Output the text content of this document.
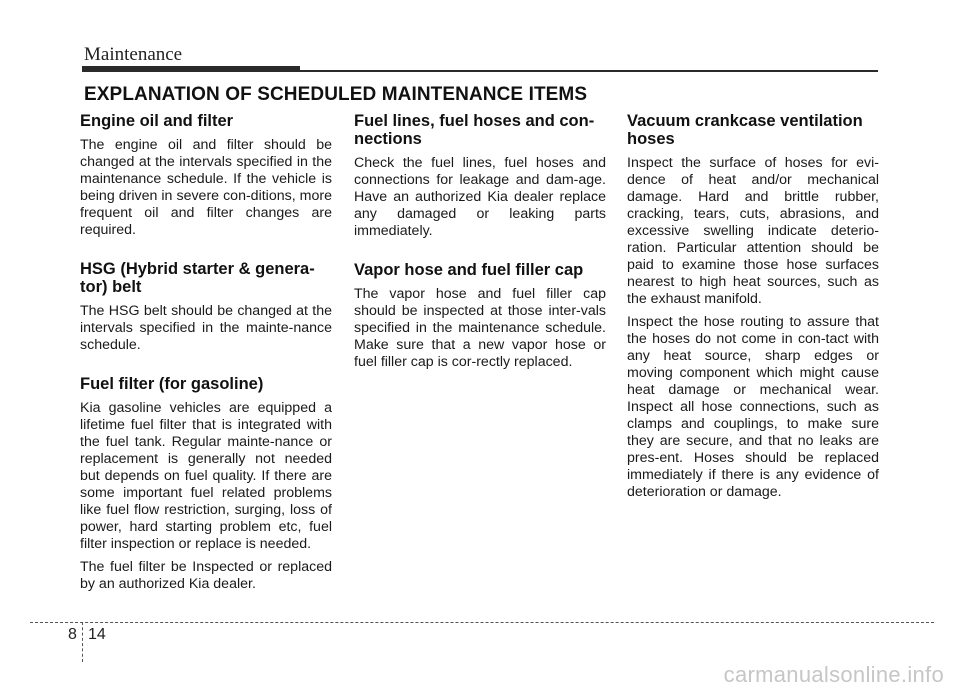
Maintenance
EXPLANATION OF SCHEDULED MAINTENANCE ITEMS
Engine oil and filter

The engine oil and filter should be changed at the intervals specified in the maintenance schedule. If the vehicle is being driven in severe con-ditions, more frequent oil and filter changes are required.

HSG (Hybrid starter & genera-tor) belt

The HSG belt should be changed at the intervals specified in the mainte-nance schedule.

Fuel filter (for gasoline)

Kia gasoline vehicles are equipped a lifetime fuel filter that is integrated with the fuel tank. Regular mainte-nance or replacement is generally not needed but depends on fuel quality. If there are some important fuel related problems like fuel flow restriction, surging, loss of power, hard starting problem etc, fuel filter inspection or replace is needed.

The fuel filter be Inspected or replaced by an authorized Kia dealer.

Fuel lines, fuel hoses and con-nections

Check the fuel lines, fuel hoses and connections for leakage and dam-age. Have an authorized Kia dealer replace any damaged or leaking parts immediately.

Vapor hose and fuel filler cap

The vapor hose and fuel filler cap should be inspected at those inter-vals specified in the maintenance schedule. Make sure that a new vapor hose or fuel filler cap is cor-rectly replaced.

Vacuum crankcase ventilation hoses

Inspect the surface of hoses for evi-dence of heat and/or mechanical damage. Hard and brittle rubber, cracking, tears, cuts, abrasions, and excessive swelling indicate deterio-ration. Particular attention should be paid to examine those hose surfaces nearest to high heat sources, such as the exhaust manifold.

Inspect the hose routing to assure that the hoses do not come in con-tact with any heat source, sharp edges or moving component which might cause heat damage or mechanical wear. Inspect all hose connections, such as clamps and couplings, to make sure they are secure, and that no leaks are pres-ent. Hoses should be replaced immediately if there is any evidence of deterioration or damage.

8 14
carmanualsonline.info
